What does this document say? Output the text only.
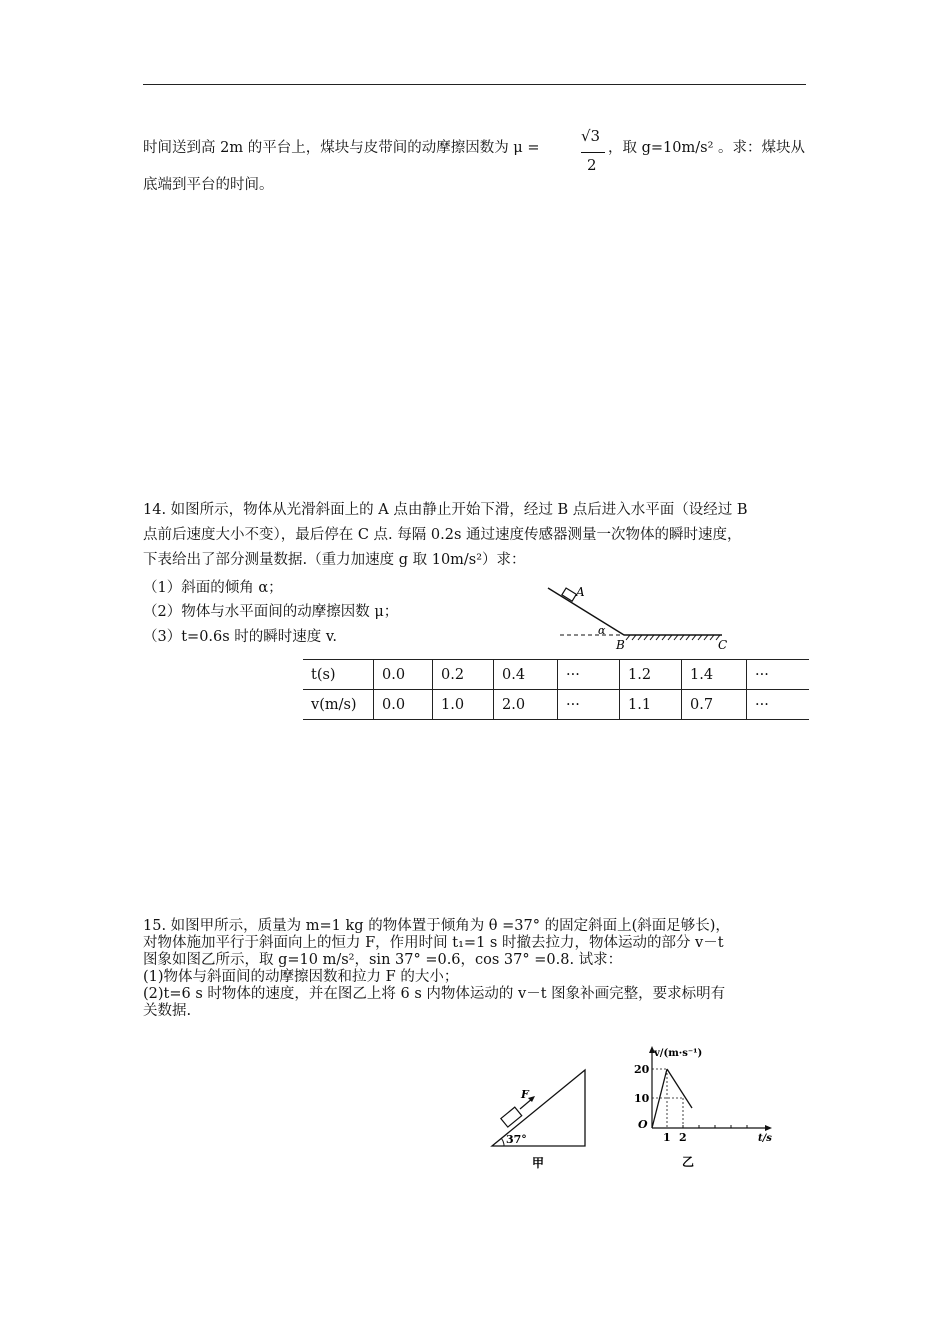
时间送到高 2m 的平台上，煤块与皮带间的动摩擦因数为 μ =
√3
2
，取 g=10m/s² 。求：煤块从
底端到平台的时间。
14. 如图所示，物体从光滑斜面上的 A 点由静止开始下滑，经过 B 点后进入水平面（设经过 B
点前后速度大小不变），最后停在 C 点. 每隔 0.2s 通过速度传感器测量一次物体的瞬时速度，
下表给出了部分测量数据.（重力加速度 g 取 10m/s²）求：
（1）斜面的倾角 α；
（2）物体与水平面间的动摩擦因数 μ；
（3）t=0.6s 时的瞬时速度 v.
A
α
B	C
t(s)	0.0	0.2	0.4	···	1.2	1.4	···
v(m/s)	0.0	1.0	2.0	···	1.1	0.7	···
15. 如图甲所示，质量为 m=1 kg 的物体置于倾角为 θ =37° 的固定斜面上(斜面足够长)，
对物体施加平行于斜面向上的恒力 F，作用时间 t₁=1 s 时撤去拉力，物体运动的部分 v－t
图象如图乙所示，取 g=10 m/s²，sin 37° =0.6，cos 37° =0.8. 试求：
(1)物体与斜面间的动摩擦因数和拉力 F 的大小；
(2)t=6 s 时物体的速度，并在图乙上将 6 s 内物体运动的 v－t 图象补画完整，要求标明有
关数据.
F
37°
甲
v/(m·s⁻¹)
20
10
O
1 2	t/s
乙
